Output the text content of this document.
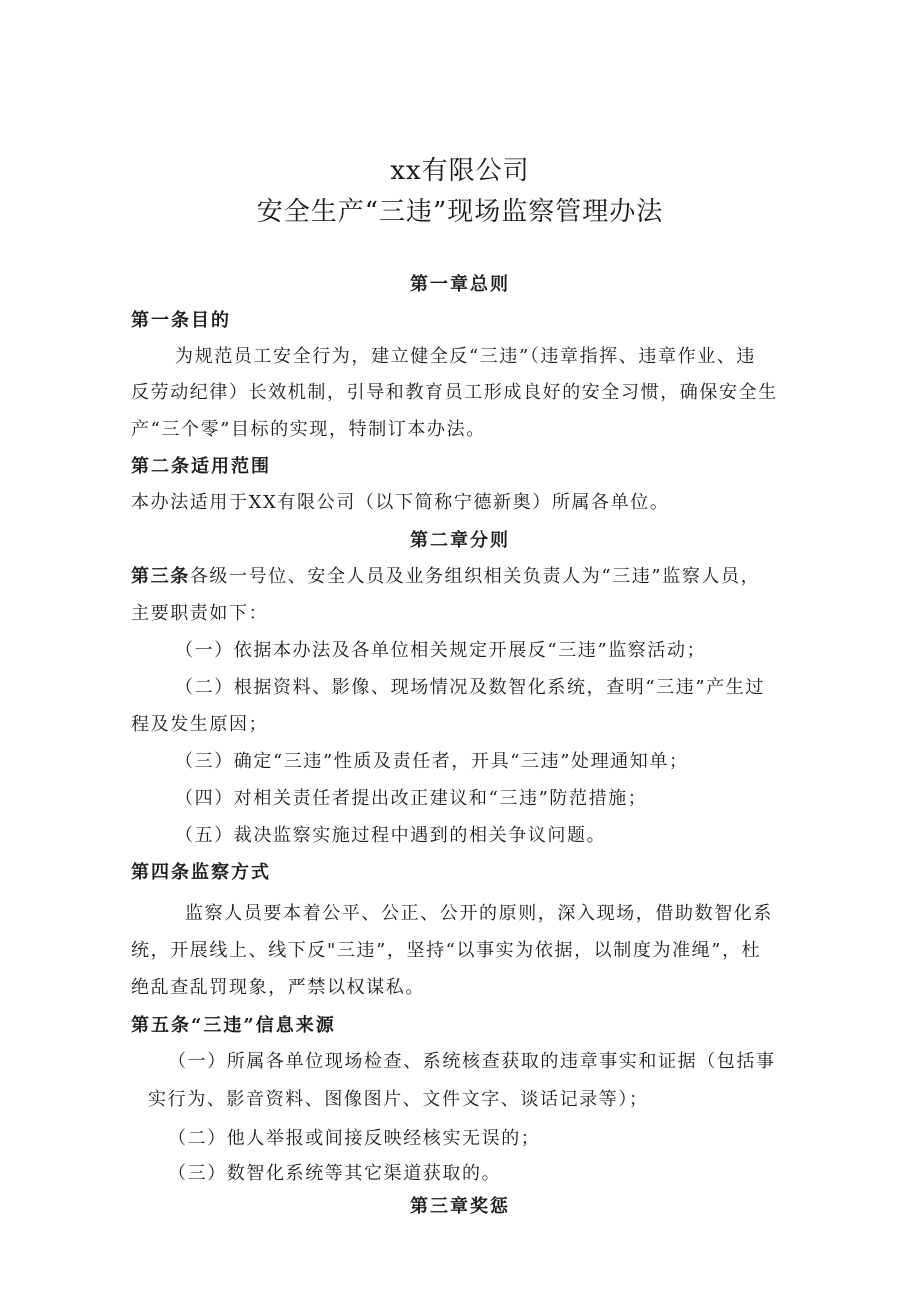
xx有限公司
安全生产“三违”现场监察管理办法
第一章总则
第一条目的
为规范员工安全行为，建立健全反“三违”（违章指挥、违章作业、违
反劳动纪律）长效机制，引导和教育员工形成良好的安全习惯，确保安全生
产“三个零”目标的实现，特制订本办法。
第二条适用范围
本办法适用于XX有限公司（以下简称宁德新奥）所属各单位。
第二章分则
第三条各级一号位、安全人员及业务组织相关负责人为“三违”监察人员，
主要职责如下：
（一）依据本办法及各单位相关规定开展反“三违”监察活动；
（二）根据资料、影像、现场情况及数智化系统，查明“三违”产生过
程及发生原因；
（三）确定“三违”性质及责任者，开具“三违”处理通知单；
（四）对相关责任者提出改正建议和“三违”防范措施；
（五）裁决监察实施过程中遇到的相关争议问题。
第四条监察方式
监察人员要本着公平、公正、公开的原则，深入现场，借助数智化系
统，开展线上、线下反"三违”，坚持“以事实为依据，以制度为准绳”，杜
绝乱查乱罚现象，严禁以权谋私。
第五条“三违”信息来源
（一）所属各单位现场检查、系统核查获取的违章事实和证据（包括事
实行为、影音资料、图像图片、文件文字、谈话记录等）；
（二）他人举报或间接反映经核实无误的；
（三）数智化系统等其它渠道获取的。
第三章奖惩
